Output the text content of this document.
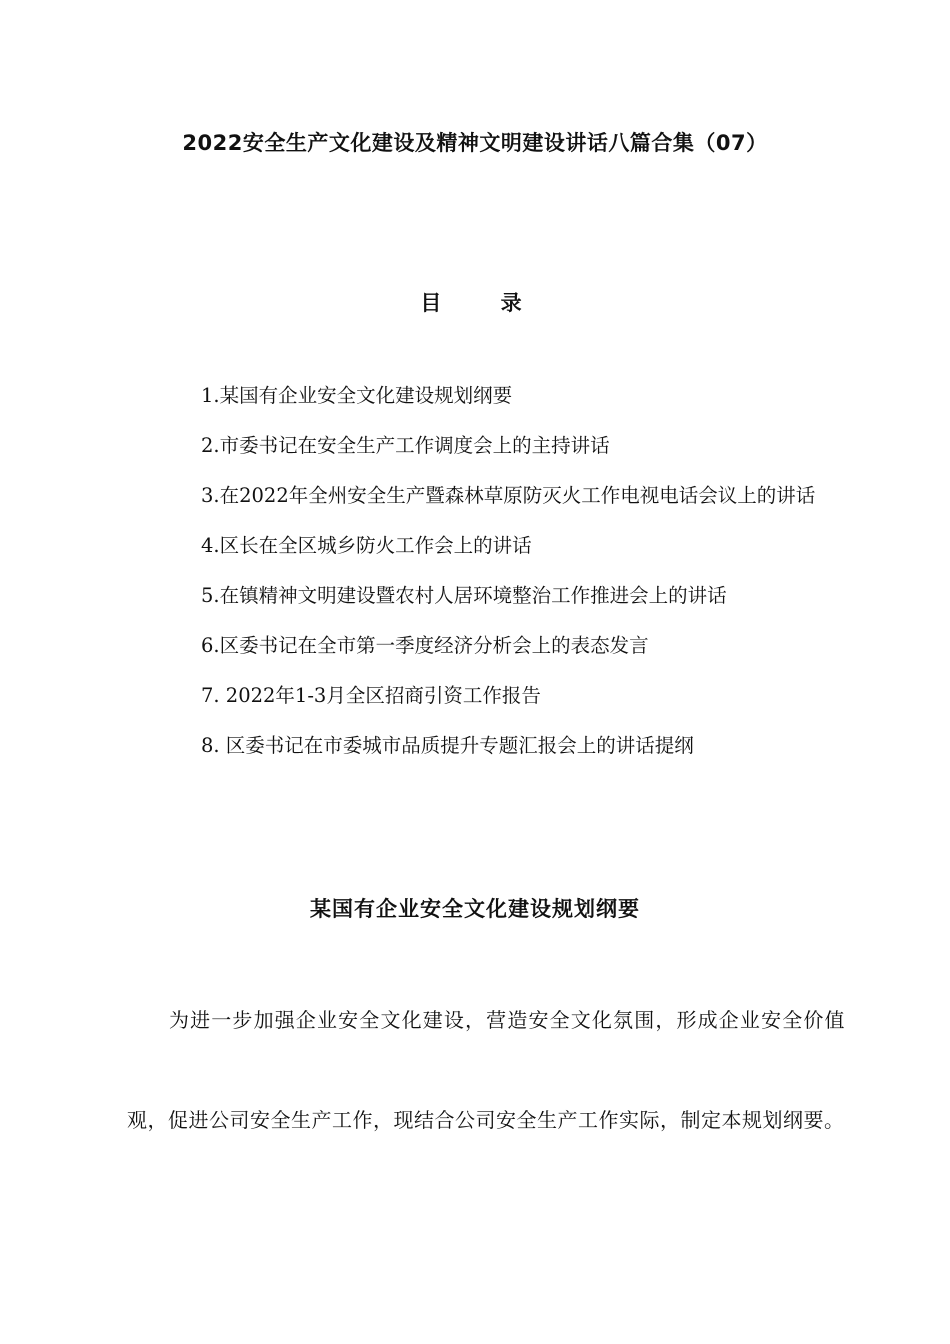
2022安全生产文化建设及精神文明建设讲话八篇合集（07）
目 录
1.某国有企业安全文化建设规划纲要
2.市委书记在安全生产工作调度会上的主持讲话
3.在2022年全州安全生产暨森林草原防灭火工作电视电话会议上的讲话
4.区长在全区城乡防火工作会上的讲话
5.在镇精神文明建设暨农村人居环境整治工作推进会上的讲话
6.区委书记在全市第一季度经济分析会上的表态发言
7. 2022年1-3月全区招商引资工作报告
8. 区委书记在市委城市品质提升专题汇报会上的讲话提纲
某国有企业安全文化建设规划纲要

为进一步加强企业安全文化建设，营造安全文化氛围，形成企业安全价值观，促进公司安全生产工作，现结合公司安全生产工作实际，制定本规划纲要。
